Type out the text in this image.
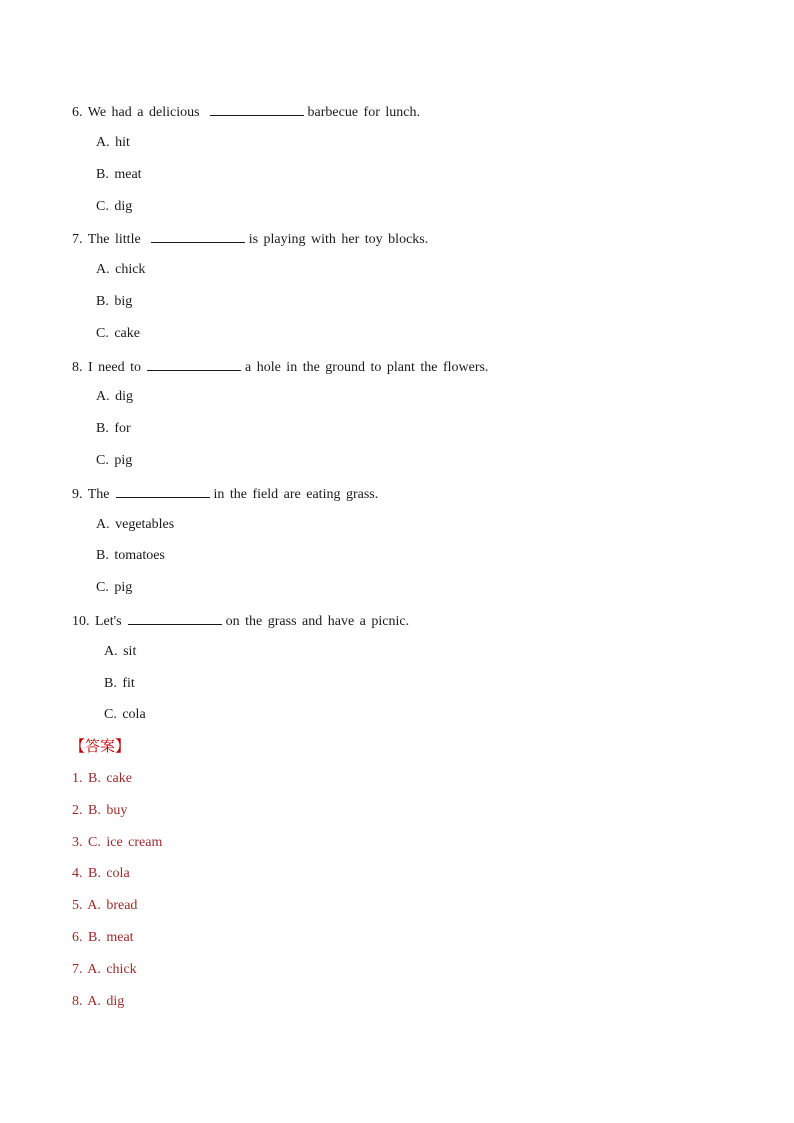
6. We had a delicious	barbecue for lunch.
A. hit
B. meat
C. dig
7. The little	is playing with her toy blocks.
A. chick
B. big
C. cake
8. I need to	a hole in the ground to plant the flowers.
A. dig
B. for
C. pig
9. The	in the field are eating grass.
A. vegetables
B. tomatoes
C. pig
10. Let's	on the grass and have a picnic.
A. sit
B. fit
C. cola
【答案】
1. B. cake
2. B. buy
3. C. ice cream
4. B. cola
5. A. bread
6. B. meat
7. A. chick
8. A. dig
